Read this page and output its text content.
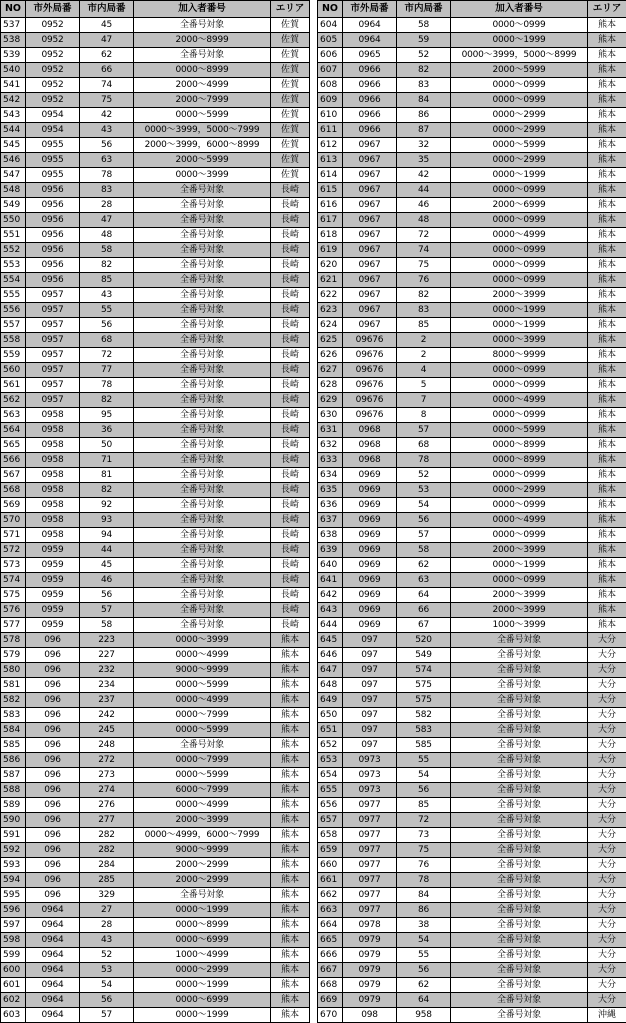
NO	市外局番	市内局番	加入者番号	エリア
537	0952	45	全番号対象	佐賀
538	0952	47	2000～8999	佐賀
539	0952	62	全番号対象	佐賀
540	0952	66	0000～8999	佐賀
541	0952	74	2000～4999	佐賀
542	0952	75	2000～7999	佐賀
543	0954	42	0000～5999	佐賀
544	0954	43	0000～3999，5000～7999	佐賀
545	0955	56	2000～3999，6000～8999	佐賀
546	0955	63	2000～5999	佐賀
547	0955	78	0000～3999	佐賀
548	0956	83	全番号対象	長崎
549	0956	28	全番号対象	長崎
550	0956	47	全番号対象	長崎
551	0956	48	全番号対象	長崎
552	0956	58	全番号対象	長崎
553	0956	82	全番号対象	長崎
554	0956	85	全番号対象	長崎
555	0957	43	全番号対象	長崎
556	0957	55	全番号対象	長崎
557	0957	56	全番号対象	長崎
558	0957	68	全番号対象	長崎
559	0957	72	全番号対象	長崎
560	0957	77	全番号対象	長崎
561	0957	78	全番号対象	長崎
562	0957	82	全番号対象	長崎
563	0958	95	全番号対象	長崎
564	0958	36	全番号対象	長崎
565	0958	50	全番号対象	長崎
566	0958	71	全番号対象	長崎
567	0958	81	全番号対象	長崎
568	0958	82	全番号対象	長崎
569	0958	92	全番号対象	長崎
570	0958	93	全番号対象	長崎
571	0958	94	全番号対象	長崎
572	0959	44	全番号対象	長崎
573	0959	45	全番号対象	長崎
574	0959	46	全番号対象	長崎
575	0959	56	全番号対象	長崎
576	0959	57	全番号対象	長崎
577	0959	58	全番号対象	長崎
578	096	223	0000～3999	熊本
579	096	227	0000～4999	熊本
580	096	232	9000～9999	熊本
581	096	234	0000～5999	熊本
582	096	237	0000～4999	熊本
583	096	242	0000～7999	熊本
584	096	245	0000～5999	熊本
585	096	248	全番号対象	熊本
586	096	272	0000～7999	熊本
587	096	273	0000～5999	熊本
588	096	274	6000～7999	熊本
589	096	276	0000～4999	熊本
590	096	277	2000～3999	熊本
591	096	282	0000～4999，6000～7999	熊本
592	096	282	9000～9999	熊本
593	096	284	2000～2999	熊本
594	096	285	2000～2999	熊本
595	096	329	全番号対象	熊本
596	0964	27	0000～1999	熊本
597	0964	28	0000～8999	熊本
598	0964	43	0000～6999	熊本
599	0964	52	1000～4999	熊本
600	0964	53	0000～2999	熊本
601	0964	54	0000～1999	熊本
602	0964	56	0000～6999	熊本
603	0964	57	0000～1999	熊本
NO	市外局番	市内局番	加入者番号	エリア
604	0964	58	0000～0999	熊本
605	0964	59	0000～1999	熊本
606	0965	52	0000～3999，5000～8999	熊本
607	0966	82	2000～5999	熊本
608	0966	83	0000～0999	熊本
609	0966	84	0000～0999	熊本
610	0966	86	0000～2999	熊本
611	0966	87	0000～2999	熊本
612	0967	32	0000～5999	熊本
613	0967	35	0000～2999	熊本
614	0967	42	0000～1999	熊本
615	0967	44	0000～0999	熊本
616	0967	46	2000～6999	熊本
617	0967	48	0000～0999	熊本
618	0967	72	0000～4999	熊本
619	0967	74	0000～0999	熊本
620	0967	75	0000～0999	熊本
621	0967	76	0000～0999	熊本
622	0967	82	2000～3999	熊本
623	0967	83	0000～1999	熊本
624	0967	85	0000～1999	熊本
625	09676	2	0000～3999	熊本
626	09676	2	8000～9999	熊本
627	09676	4	0000～0999	熊本
628	09676	5	0000～0999	熊本
629	09676	7	0000～4999	熊本
630	09676	8	0000～0999	熊本
631	0968	57	0000～5999	熊本
632	0968	68	0000～8999	熊本
633	0968	78	0000～8999	熊本
634	0969	52	0000～0999	熊本
635	0969	53	0000～2999	熊本
636	0969	54	0000～0999	熊本
637	0969	56	0000～4999	熊本
638	0969	57	0000～0999	熊本
639	0969	58	2000～3999	熊本
640	0969	62	0000～1999	熊本
641	0969	63	0000～0999	熊本
642	0969	64	2000～3999	熊本
643	0969	66	2000～3999	熊本
644	0969	67	1000～3999	熊本
645	097	520	全番号対象	大分
646	097	549	全番号対象	大分
647	097	574	全番号対象	大分
648	097	575	全番号対象	大分
649	097	575	全番号対象	大分
650	097	582	全番号対象	大分
651	097	583	全番号対象	大分
652	097	585	全番号対象	大分
653	0973	55	全番号対象	大分
654	0973	54	全番号対象	大分
655	0973	56	全番号対象	大分
656	0977	85	全番号対象	大分
657	0977	72	全番号対象	大分
658	0977	73	全番号対象	大分
659	0977	75	全番号対象	大分
660	0977	76	全番号対象	大分
661	0977	78	全番号対象	大分
662	0977	84	全番号対象	大分
663	0977	86	全番号対象	大分
664	0978	38	全番号対象	大分
665	0979	54	全番号対象	大分
666	0979	55	全番号対象	大分
667	0979	56	全番号対象	大分
668	0979	62	全番号対象	大分
669	0979	64	全番号対象	大分
670	098	958	全番号対象	沖縄
